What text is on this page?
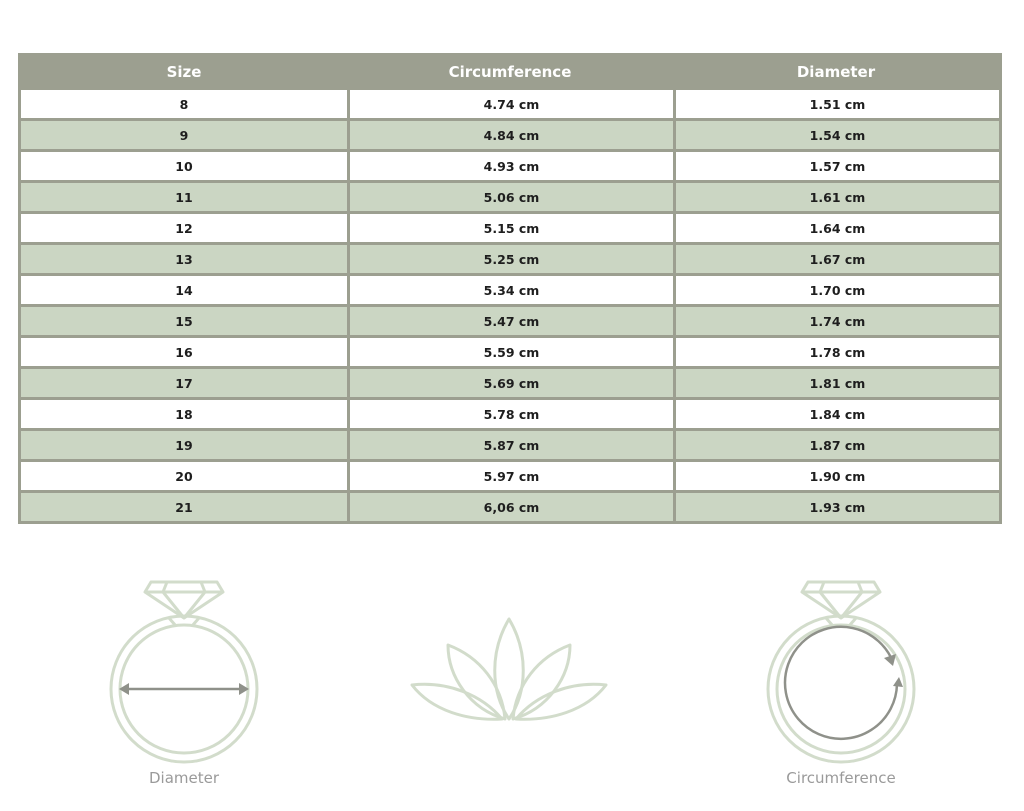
Size	Circumference	Diameter
8	4.74 cm	1.51 cm
9	4.84 cm	1.54 cm
10	4.93 cm	1.57 cm
11	5.06 cm	1.61 cm
12	5.15 cm	1.64 cm
13	5.25 cm	1.67 cm
14	5.34 cm	1.70 cm
15	5.47 cm	1.74 cm
16	5.59 cm	1.78 cm
17	5.69 cm	1.81 cm
18	5.78 cm	1.84 cm
19	5.87 cm	1.87 cm
20	5.97 cm	1.90 cm
21	6,06 cm	1.93 cm
Diameter	Circumference
